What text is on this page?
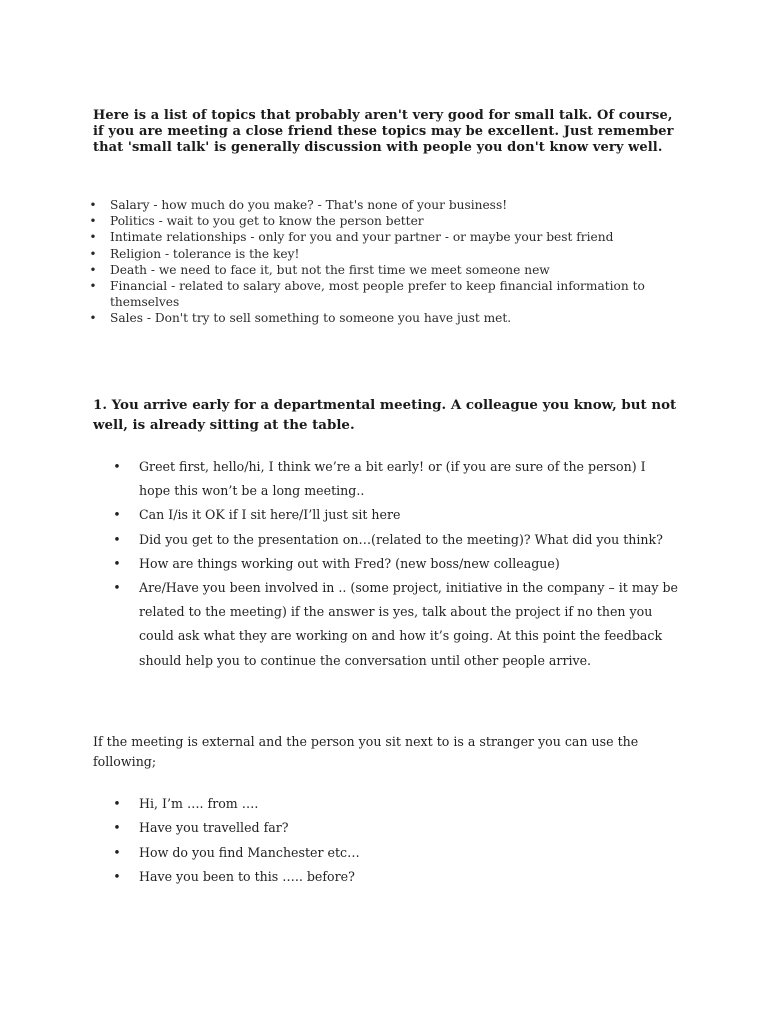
Here is a list of topics that probably aren't very good for small talk. Of course, if you are meeting a close friend these topics may be excellent. Just remember that 'small talk' is generally discussion with people you don't know very well.

• Salary - how much do you make? - That's none of your business!
• Politics - wait to you get to know the person better
• Intimate relationships - only for you and your partner - or maybe your best friend
• Religion - tolerance is the key!
• Death - we need to face it, but not the first time we meet someone new
• Financial - related to salary above, most people prefer to keep financial information to themselves
• Sales - Don't try to sell something to someone you have just met.

1. You arrive early for a departmental meeting. A colleague you know, but not well, is already sitting at the table.

• Greet first, hello/hi, I think we’re a bit early! or (if you are sure of the person) I hope this won’t be a long meeting..
• Can I/is it OK if I sit here/I’ll just sit here
• Did you get to the presentation on…(related to the meeting)? What did you think?
• How are things working out with Fred? (new boss/new colleague)
• Are/Have you been involved in .. (some project, initiative in the company – it may be related to the meeting) if the answer is yes, talk about the project if no then you could ask what they are working on and how it’s going. At this point the feedback should help you to continue the conversation until other people arrive.

If the meeting is external and the person you sit next to is a stranger you can use the following;

• Hi, I’m …. from ….
• Have you travelled far?
• How do you find Manchester etc…
• Have you been to this ….. before?
